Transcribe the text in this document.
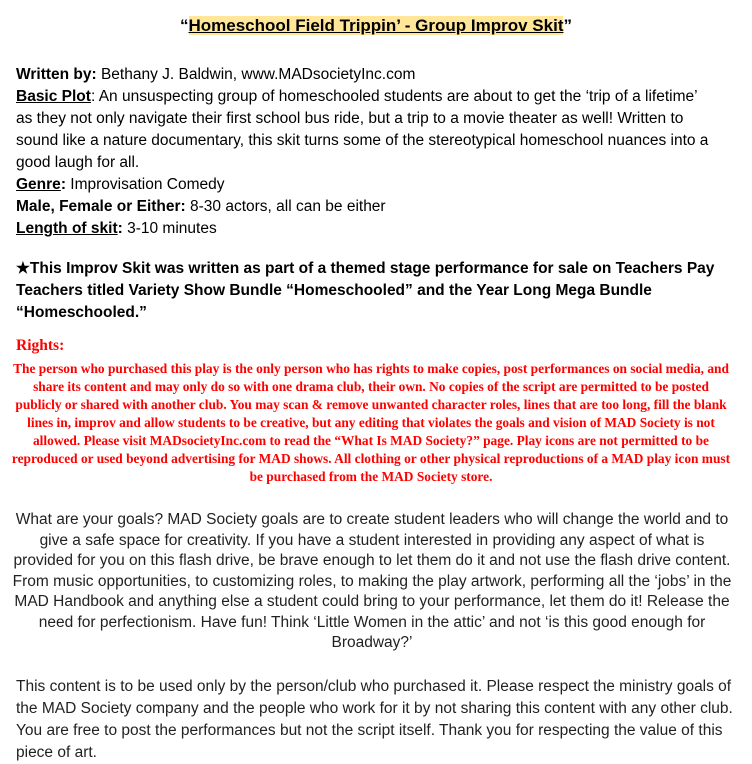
“Homeschool Field Trippin’ - Group Improv Skit”

Written by: Bethany J. Baldwin, www.MADsocietyInc.com

Basic Plot: An unsuspecting group of homeschooled students are about to get the ‘trip of a lifetime’ as they not only navigate their first school bus ride, but a trip to a movie theater as well! Written to sound like a nature documentary, this skit turns some of the stereotypical homeschool nuances into a good laugh for all.

Genre: Improvisation Comedy

Male, Female or Either: 8-30 actors, all can be either

Length of skit: 3-10 minutes

★This Improv Skit was written as part of a themed stage performance for sale on Teachers Pay Teachers titled Variety Show Bundle “Homeschooled” and the Year Long Mega Bundle “Homeschooled.”
Rights:
The person who purchased this play is the only person who has rights to make copies, post performances on social media, and share its content and may only do so with one drama club, their own. No copies of the script are permitted to be posted publicly or shared with another club. You may scan & remove unwanted character roles, lines that are too long, fill the blank lines in, improv and allow students to be creative, but any editing that violates the goals and vision of MAD Society is not allowed. Please visit MADsocietyInc.com to read the “What Is MAD Society?” page. Play icons are not permitted to be reproduced or used beyond advertising for MAD shows. All clothing or other physical reproductions of a MAD play icon must be purchased from the MAD Society store.
What are your goals? MAD Society goals are to create student leaders who will change the world and to give a safe space for creativity. If you have a student interested in providing any aspect of what is provided for you on this flash drive, be brave enough to let them do it and not use the flash drive content. From music opportunities, to customizing roles, to making the play artwork, performing all the ‘jobs’ in the MAD Handbook and anything else a student could bring to your performance, let them do it! Release the need for perfectionism. Have fun! Think ‘Little Women in the attic’ and not ‘is this good enough for Broadway?’
This content is to be used only by the person/club who purchased it. Please respect the ministry goals of the MAD Society company and the people who work for it by not sharing this content with any other club. You are free to post the performances but not the script itself. Thank you for respecting the value of this piece of art.
